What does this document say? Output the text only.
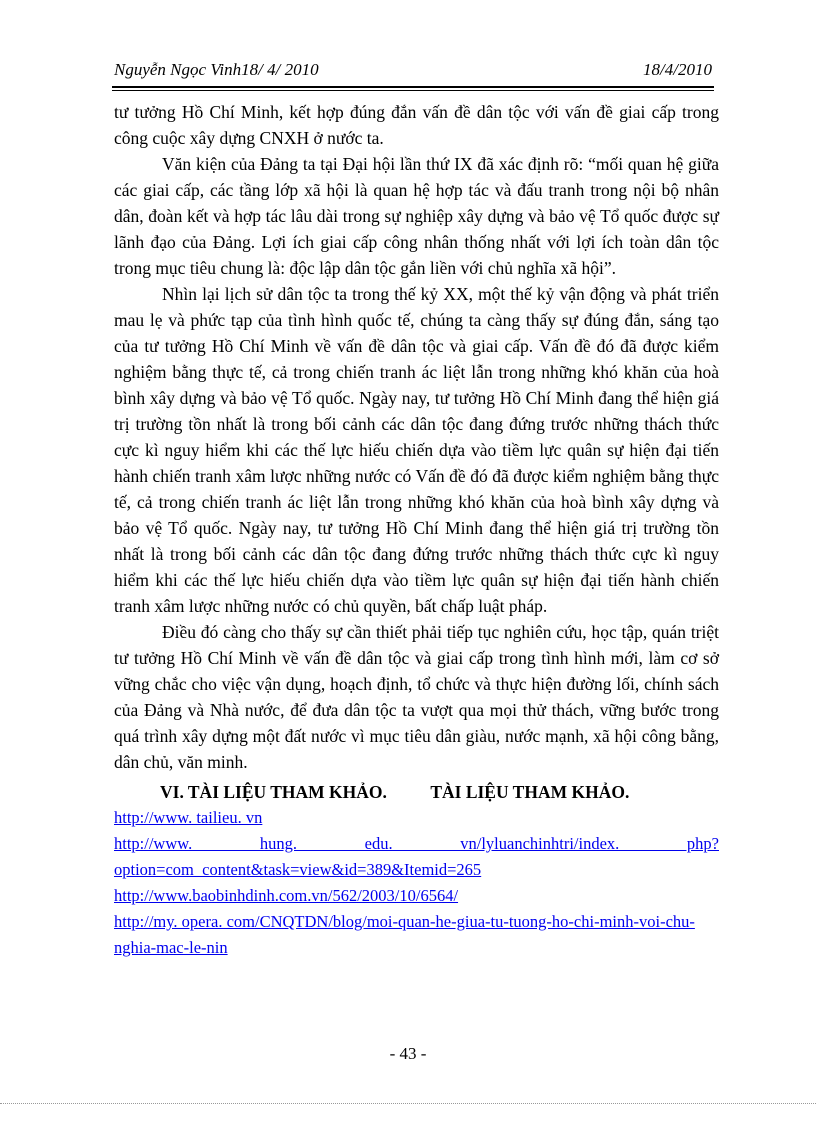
Nguyễn Ngọc Vinh18/ 4/ 2010	18/4/2010

tư tưởng Hồ Chí Minh, kết hợp đúng đắn vấn đề dân tộc với vấn đề giai cấp trong công cuộc xây dựng CNXH ở nước ta.

Văn kiện của Đảng ta tại Đại hội lần thứ IX đã xác định rõ: “mối quan hệ giữa các giai cấp, các tầng lớp xã hội là quan hệ hợp tác và đấu tranh trong nội bộ nhân dân, đoàn kết và hợp tác lâu dài trong sự nghiệp xây dựng và bảo vệ Tổ quốc được sự lãnh đạo của Đảng. Lợi ích giai cấp công nhân thống nhất với lợi ích toàn dân tộc trong mục tiêu chung là: độc lập dân tộc gắn liền với chủ nghĩa xã hội”.

Nhìn lại lịch sử dân tộc ta trong thế kỷ XX, một thế kỷ vận động và phát triển mau lẹ và phức tạp của tình hình quốc tế, chúng ta càng thấy sự đúng đắn, sáng tạo của tư tưởng Hồ Chí Minh về vấn đề dân tộc và giai cấp. Vấn đề đó đã được kiểm nghiệm bằng thực tế, cả trong chiến tranh ác liệt lẫn trong những khó khăn của hoà bình xây dựng và bảo vệ Tổ quốc. Ngày nay, tư tưởng Hồ Chí Minh đang thể hiện giá trị trường tồn nhất là trong bối cảnh các dân tộc đang đứng trước những thách thức cực kì nguy hiểm khi các thế lực hiếu chiến dựa vào tiềm lực quân sự hiện đại tiến hành chiến tranh xâm lược những nước có Vấn đề đó đã được kiểm nghiệm bằng thực tế, cả trong chiến tranh ác liệt lẫn trong những khó khăn của hoà bình xây dựng và bảo vệ Tổ quốc. Ngày nay, tư tưởng Hồ Chí Minh đang thể hiện giá trị trường tồn nhất là trong bối cảnh các dân tộc đang đứng trước những thách thức cực kì nguy hiểm khi các thế lực hiếu chiến dựa vào tiềm lực quân sự hiện đại tiến hành chiến tranh xâm lược những nước có chủ quyền, bất chấp luật pháp.

Điều đó càng cho thấy sự cần thiết phải tiếp tục nghiên cứu, học tập, quán triệt tư tưởng Hồ Chí Minh về vấn đề dân tộc và giai cấp trong tình hình mới, làm cơ sở vững chắc cho việc vận dụng, hoạch định, tổ chức và thực hiện đường lối, chính sách của Đảng và Nhà nước, để đưa dân tộc ta vượt qua mọi thử thách, vững bước trong quá trình xây dựng một đất nước vì mục tiêu dân giàu, nước mạnh, xã hội công bằng, dân chủ, văn minh.

VI. TÀI LIỆU THAM KHẢO.          TÀI LIỆU THAM KHẢO.

http://www. tailieu. vn

http://www. hung. edu. vn/lyluanchinhtri/index. php?option=com_content&task=view&id=389&Itemid=265

http://www.baobinhdinh.com.vn/562/2003/10/6564/

http://my. opera. com/CNQTDN/blog/moi-quan-he-giua-tu-tuong-ho-chi-minh-voi-chu-nghia-mac-le-nin

- 43 -
